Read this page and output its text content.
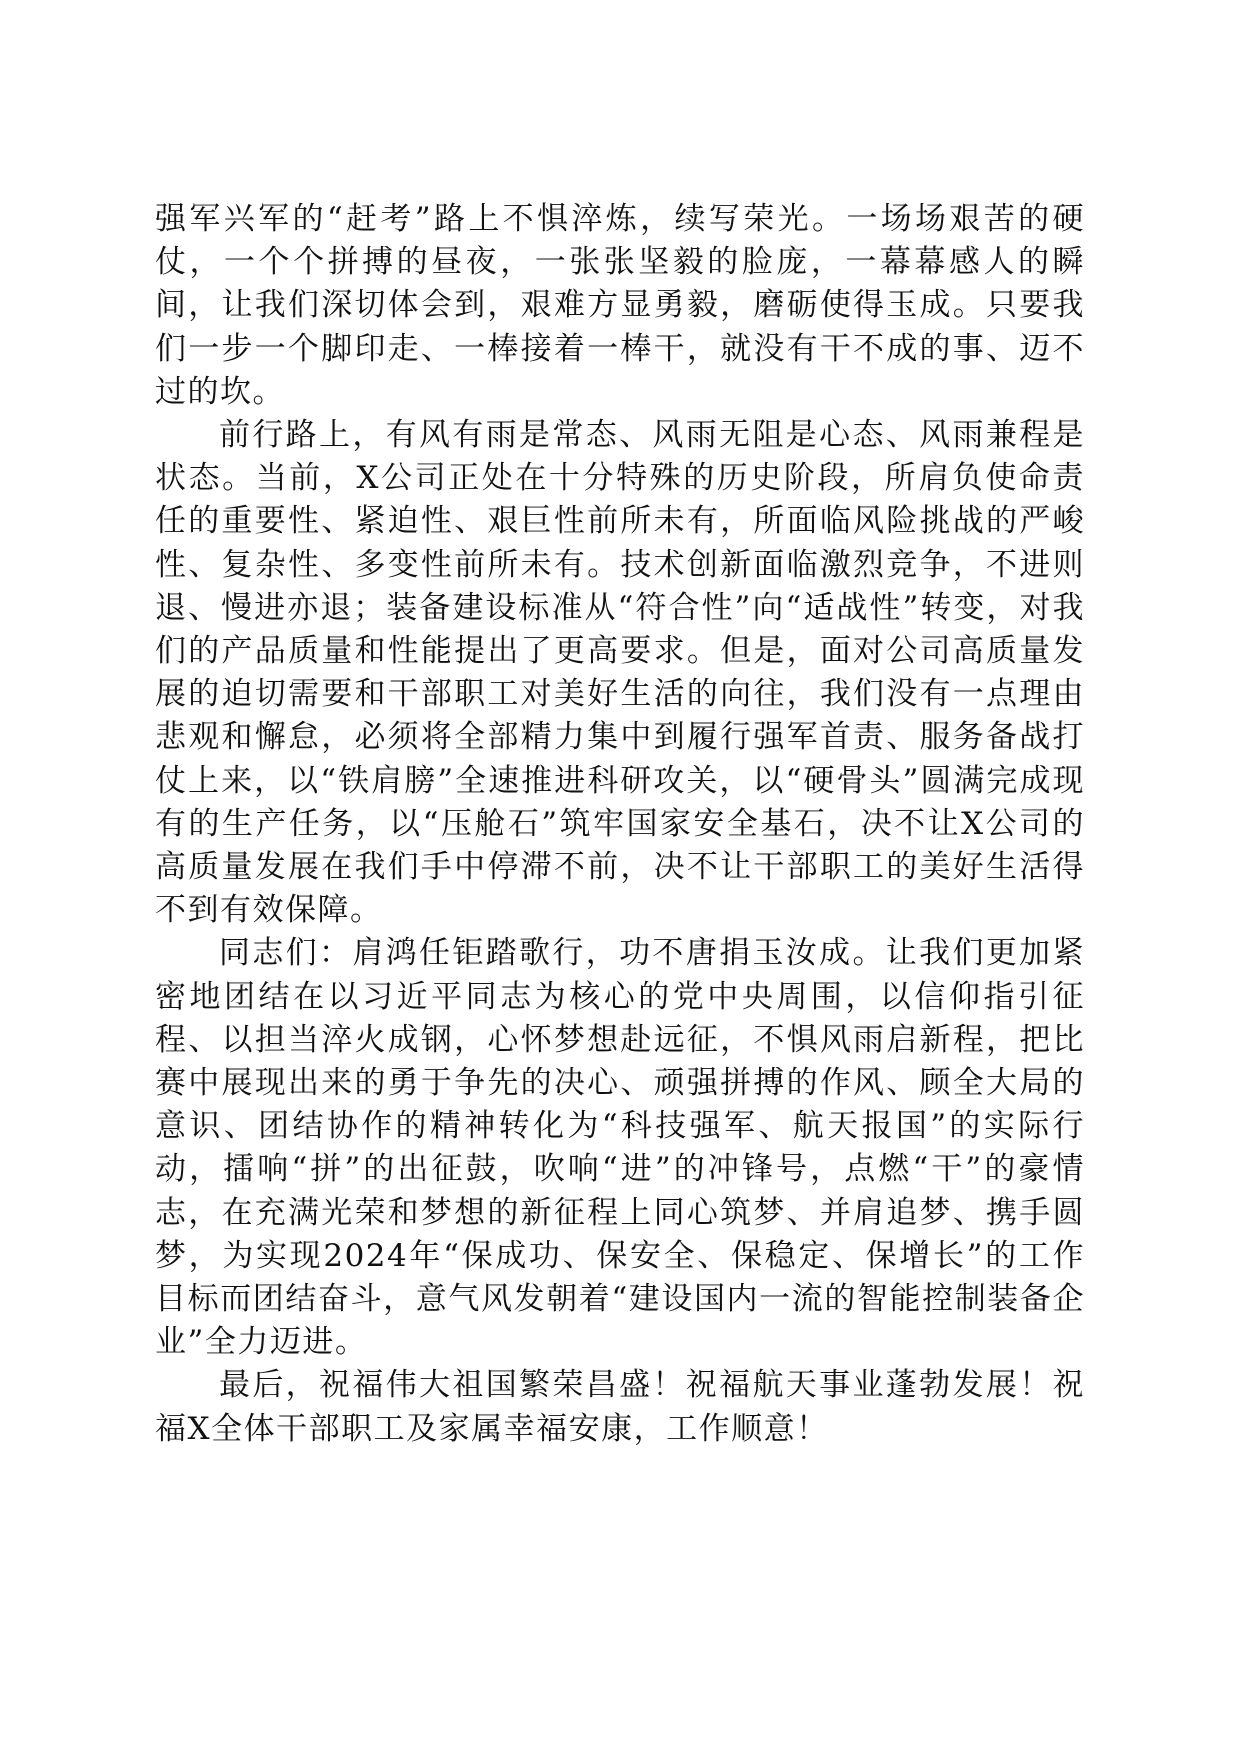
强军兴军的“赶考”路上不惧淬炼，续写荣光。一场场艰苦的硬仗，一个个拼搏的昼夜，一张张坚毅的脸庞，一幕幕感人的瞬间，让我们深切体会到，艰难方显勇毅，磨砺使得玉成。只要我们一步一个脚印走、一棒接着一棒干，就没有干不成的事、迈不过的坎。

前行路上，有风有雨是常态、风雨无阻是心态、风雨兼程是状态。当前，X公司正处在十分特殊的历史阶段，所肩负使命责任的重要性、紧迫性、艰巨性前所未有，所面临风险挑战的严峻性、复杂性、多变性前所未有。技术创新面临激烈竞争，不进则退、慢进亦退；装备建设标准从“符合性”向“适战性”转变，对我们的产品质量和性能提出了更高要求。但是，面对公司高质量发展的迫切需要和干部职工对美好生活的向往，我们没有一点理由悲观和懈怠，必须将全部精力集中到履行强军首责、服务备战打仗上来，以“铁肩膀”全速推进科研攻关，以“硬骨头”圆满完成现有的生产任务，以“压舱石”筑牢国家安全基石，决不让X公司的高质量发展在我们手中停滞不前，决不让干部职工的美好生活得不到有效保障。

同志们：肩鸿任钜踏歌行，功不唐捐玉汝成。让我们更加紧密地团结在以习近平同志为核心的党中央周围，以信仰指引征程、以担当淬火成钢，心怀梦想赴远征，不惧风雨启新程，把比赛中展现出来的勇于争先的决心、顽强拼搏的作风、顾全大局的意识、团结协作的精神转化为“科技强军、航天报国”的实际行动，擂响“拼”的出征鼓，吹响“进”的冲锋号，点燃“干”的豪情志，在充满光荣和梦想的新征程上同心筑梦、并肩追梦、携手圆梦，为实现2024年“保成功、保安全、保稳定、保增长”的工作目标而团结奋斗，意气风发朝着“建设国内一流的智能控制装备企业”全力迈进。

最后，祝福伟大祖国繁荣昌盛！祝福航天事业蓬勃发展！祝福X全体干部职工及家属幸福安康，工作顺意！
